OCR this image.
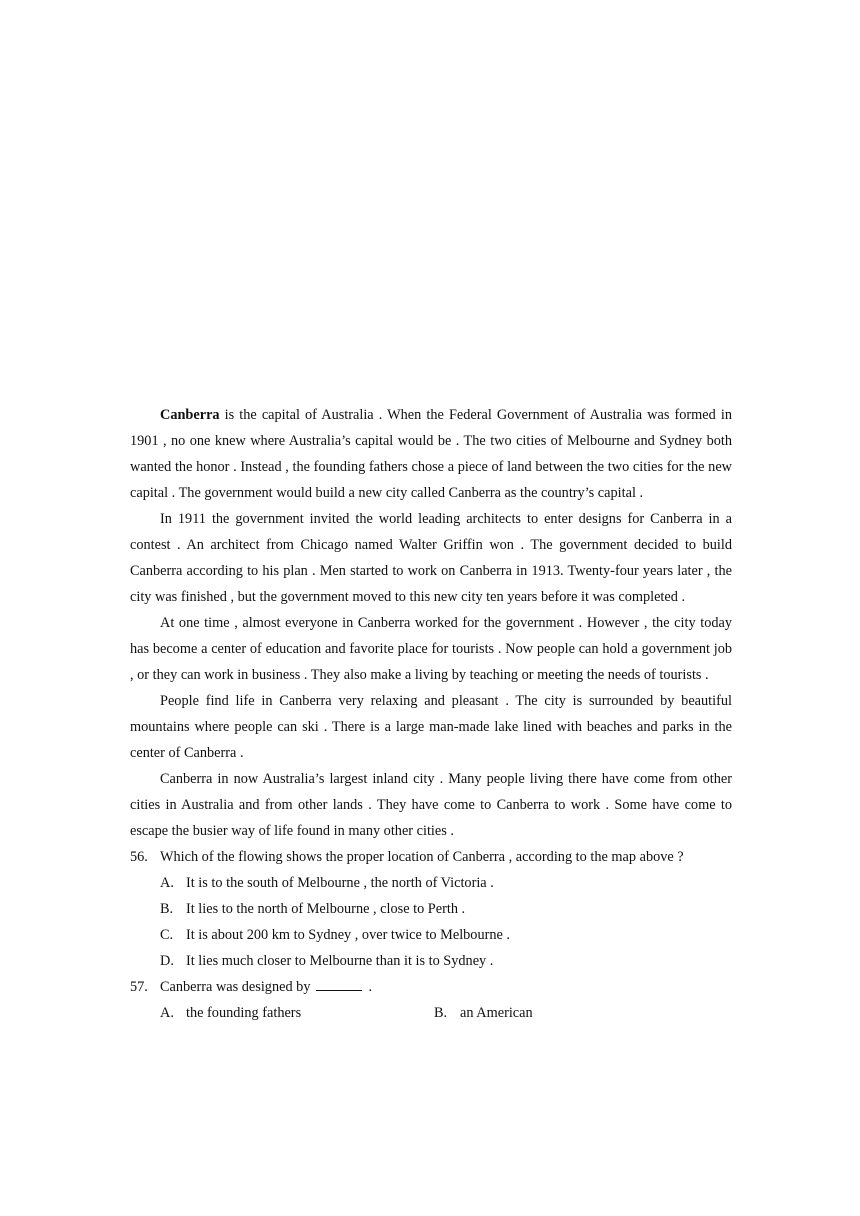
Canberra is the capital of Australia . When the Federal Government of Australia was formed in 1901 , no one knew where Australia’s capital would be . The two cities of Melbourne and Sydney both wanted the honor . Instead , the founding fathers chose a piece of land between the two cities for the new capital . The government would build a new city called Canberra as the country’s capital .

In 1911 the government invited the world leading architects to enter designs for Canberra in a contest . An architect from Chicago named Walter Griffin won . The government decided to build Canberra according to his plan . Men started to work on Canberra in 1913. Twenty-four years later , the city was finished , but the government moved to this new city ten years before it was completed .

At one time , almost everyone in Canberra worked for the government . However , the city today has become a center of education and favorite place for tourists . Now people can hold a government job , or they can work in business . They also make a living by teaching or meeting the needs of tourists .

People find life in Canberra very relaxing and pleasant . The city is surrounded by beautiful mountains where people can ski . There is a large man-made lake lined with beaches and parks in the center of Canberra .

Canberra in now Australia’s largest inland city . Many people living there have come from other cities in Australia and from other lands . They have come to Canberra to work . Some have come to escape the busier way of life found in many other cities .

56. Which of the flowing shows the proper location of Canberra , according to the map above ?

A. It is to the south of Melbourne , the north of Victoria .

B. It lies to the north of Melbourne , close to Perth .

C. It is about 200 km to Sydney , over twice to Melbourne .

D. It lies much closer to Melbourne than it is to Sydney .

57. Canberra was designed by	.
A. the founding fathers	B. an American
